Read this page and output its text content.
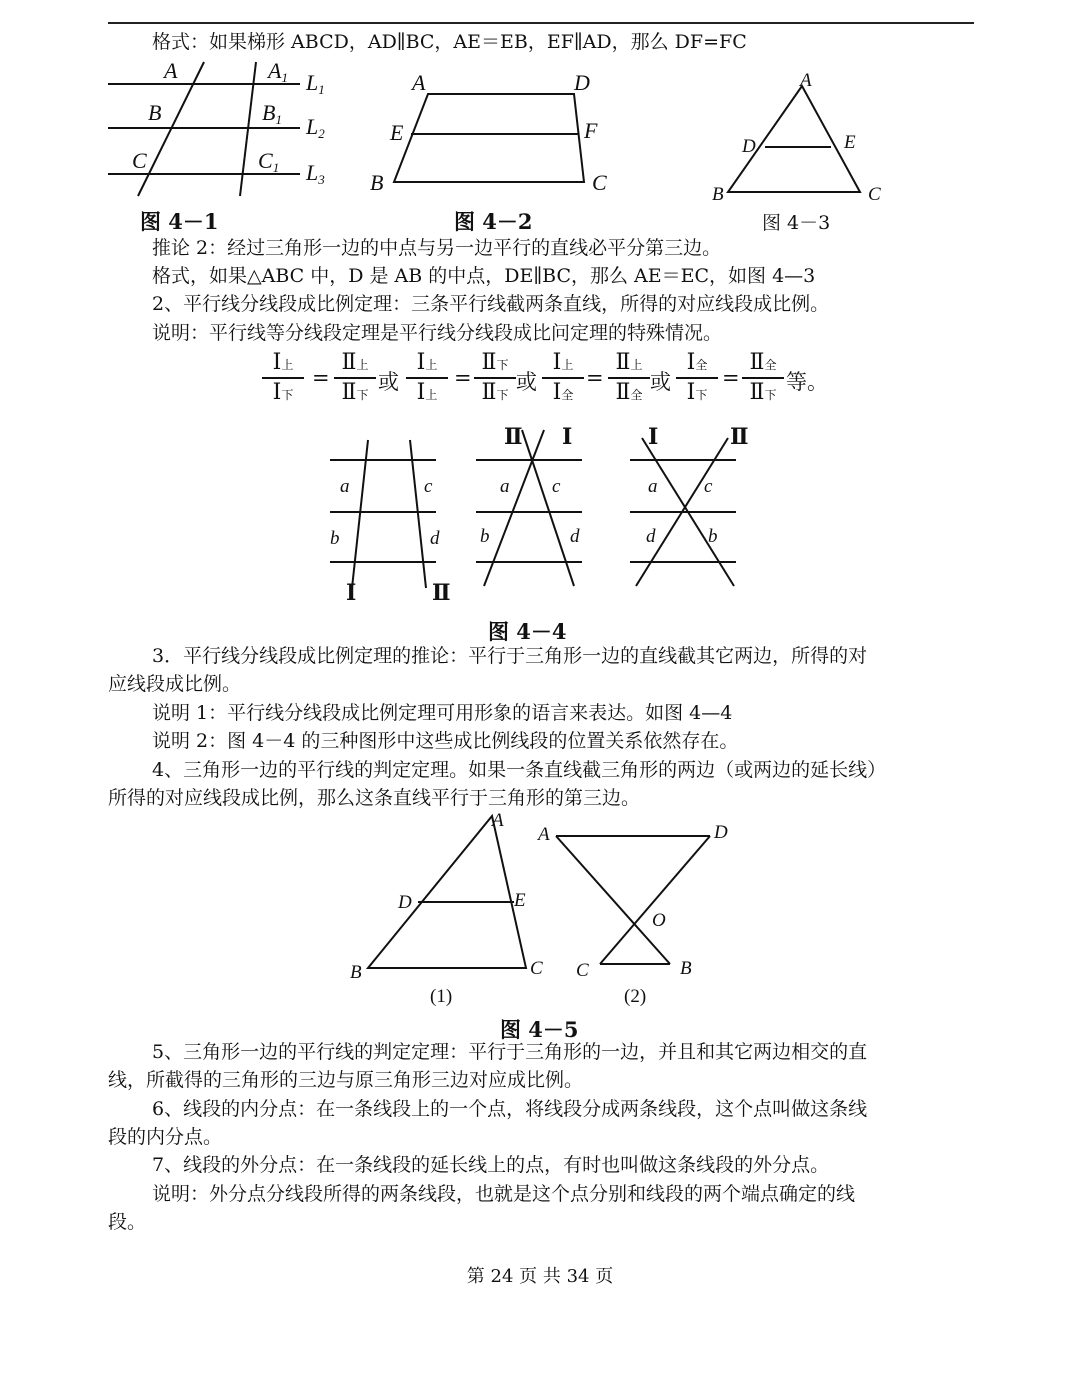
格式：如果梯形 ABCD，AD∥BC，AE＝EB，EF∥AD，那么 DF=FC
A
B
C
A1
B1
C1
L1
L2
L3
图 4－1
A	D
E	F
B	C
图 4－2
A
D	E
B	C
图 4－3
推论 2：经过三角形一边的中点与另一边平行的直线必平分第三边。
格式，如果△ABC 中，D 是 AB 的中点，DE∥BC，那么 AE＝EC，如图 4—3
2、平行线分线段成比例定理：三条平行线截两条直线，所得的对应线段成比例。
说明：平行线等分线段定理是平行线分线段成比问定理的特殊情况。
Ⅰ上
Ⅰ下
=
Ⅱ上
Ⅱ下
或
Ⅰ上
Ⅰ上
=
Ⅱ下
Ⅱ下
或
Ⅰ上
Ⅰ全
=
Ⅱ上
Ⅱ全
或
Ⅰ全
Ⅰ下
=
Ⅱ全
Ⅱ下
等。
a	c
b	d
Ⅰ	Ⅱ
Ⅱ Ⅰ
a c
b	d
Ⅰ	Ⅱ
a c
d	b
图 4－4
3．平行线分线段成比例定理的推论：平行于三角形一边的直线截其它两边，所得的对
应线段成比例。
说明 1：平行线分线段成比例定理可用形象的语言来表达。如图 4—4
说明 2：图 4－4 的三种图形中这些成比例线段的位置关系依然存在。
4、三角形一边的平行线的判定定理。如果一条直线截三角形的两边（或两边的延长线）
所得的对应线段成比例，那么这条直线平行于三角形的第三边。
A
D	E
B	C
(1)
A	D
O
C	B
(2)
图 4－5
5、三角形一边的平行线的判定定理：平行于三角形的一边，并且和其它两边相交的直
线，所截得的三角形的三边与原三角形三边对应成比例。
6、线段的内分点：在一条线段上的一个点，将线段分成两条线段，这个点叫做这条线
段的内分点。
7、线段的外分点：在一条线段的延长线上的点，有时也叫做这条线段的外分点。
说明：外分点分线段所得的两条线段，也就是这个点分别和线段的两个端点确定的线
段。
第 24 页 共 34 页
